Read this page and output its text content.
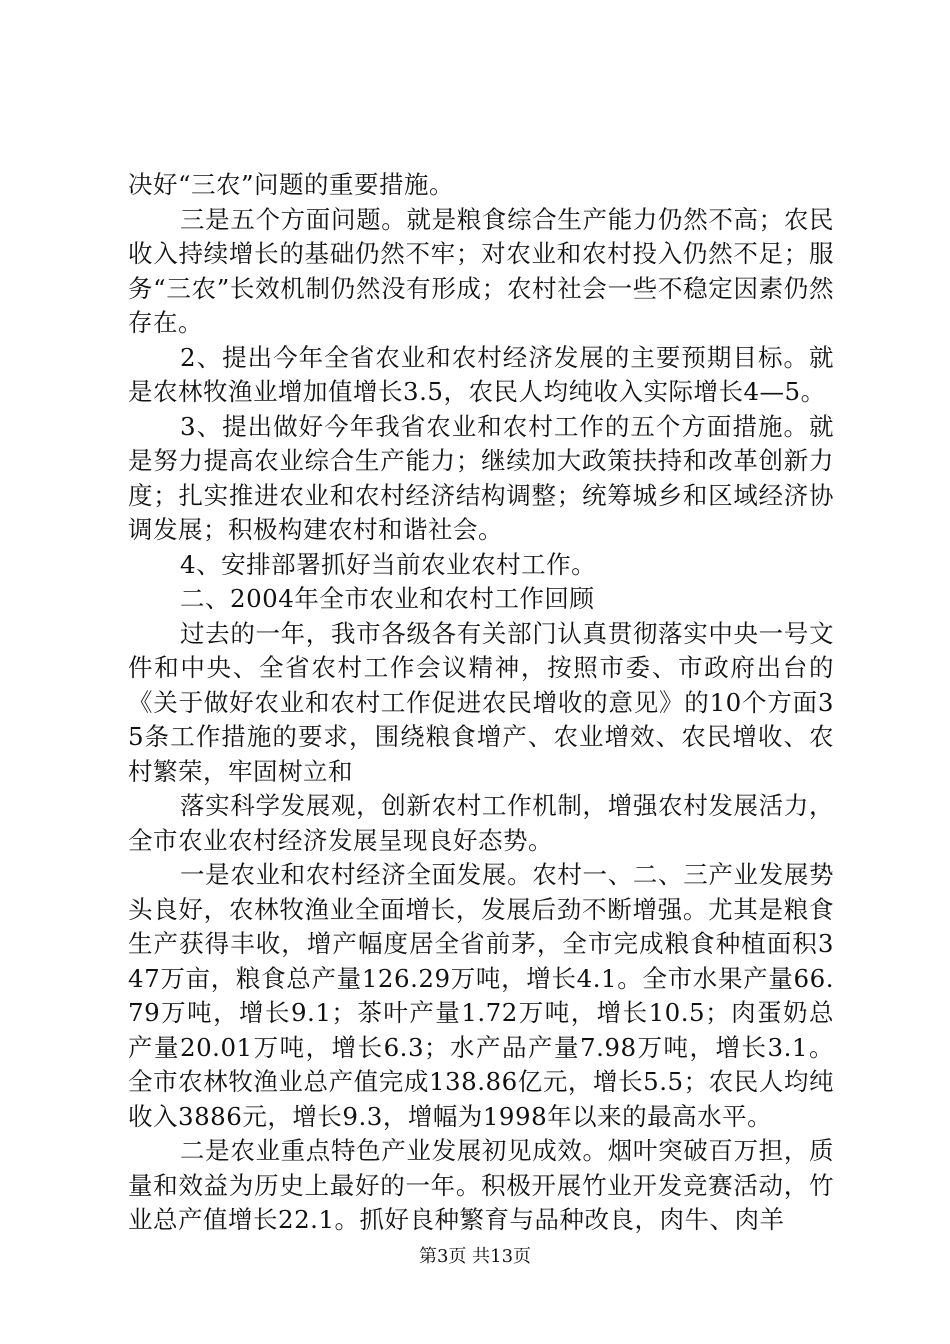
决好“三农”问题的重要措施。

三是五个方面问题。就是粮食综合生产能力仍然不高；农民收入持续增长的基础仍然不牢；对农业和农村投入仍然不足；服务“三农”长效机制仍然没有形成；农村社会一些不稳定因素仍然存在。

2、提出今年全省农业和农村经济发展的主要预期目标。就是农林牧渔业增加值增长3.5，农民人均纯收入实际增长4—5。

3、提出做好今年我省农业和农村工作的五个方面措施。就是努力提高农业综合生产能力；继续加大政策扶持和改革创新力度；扎实推进农业和农村经济结构调整；统筹城乡和区域经济协调发展；积极构建农村和谐社会。

4、安排部署抓好当前农业农村工作。

二、2004年全市农业和农村工作回顾

过去的一年，我市各级各有关部门认真贯彻落实中央一号文件和中央、全省农村工作会议精神，按照市委、市政府出台的《关于做好农业和农村工作促进农民增收的意见》的10个方面35条工作措施的要求，围绕粮食增产、农业增效、农民增收、农村繁荣，牢固树立和

落实科学发展观，创新农村工作机制，增强农村发展活力，全市农业农村经济发展呈现良好态势。

一是农业和农村经济全面发展。农村一、二、三产业发展势头良好，农林牧渔业全面增长，发展后劲不断增强。尤其是粮食生产获得丰收，增产幅度居全省前茅，全市完成粮食种植面积347万亩，粮食总产量126.29万吨，增长4.1。全市水果产量66.79万吨，增长9.1；茶叶产量1.72万吨，增长10.5；肉蛋奶总产量20.01万吨，增长6.3；水产品产量7.98万吨，增长3.1。全市农林牧渔业总产值完成138.86亿元，增长5.5；农民人均纯收入3886元，增长9.3，增幅为1998年以来的最高水平。

二是农业重点特色产业发展初见成效。烟叶突破百万担，质量和效益为历史上最好的一年。积极开展竹业开发竞赛活动，竹业总产值增长22.1。抓好良种繁育与品种改良，肉牛、肉羊

第3页 共13页
